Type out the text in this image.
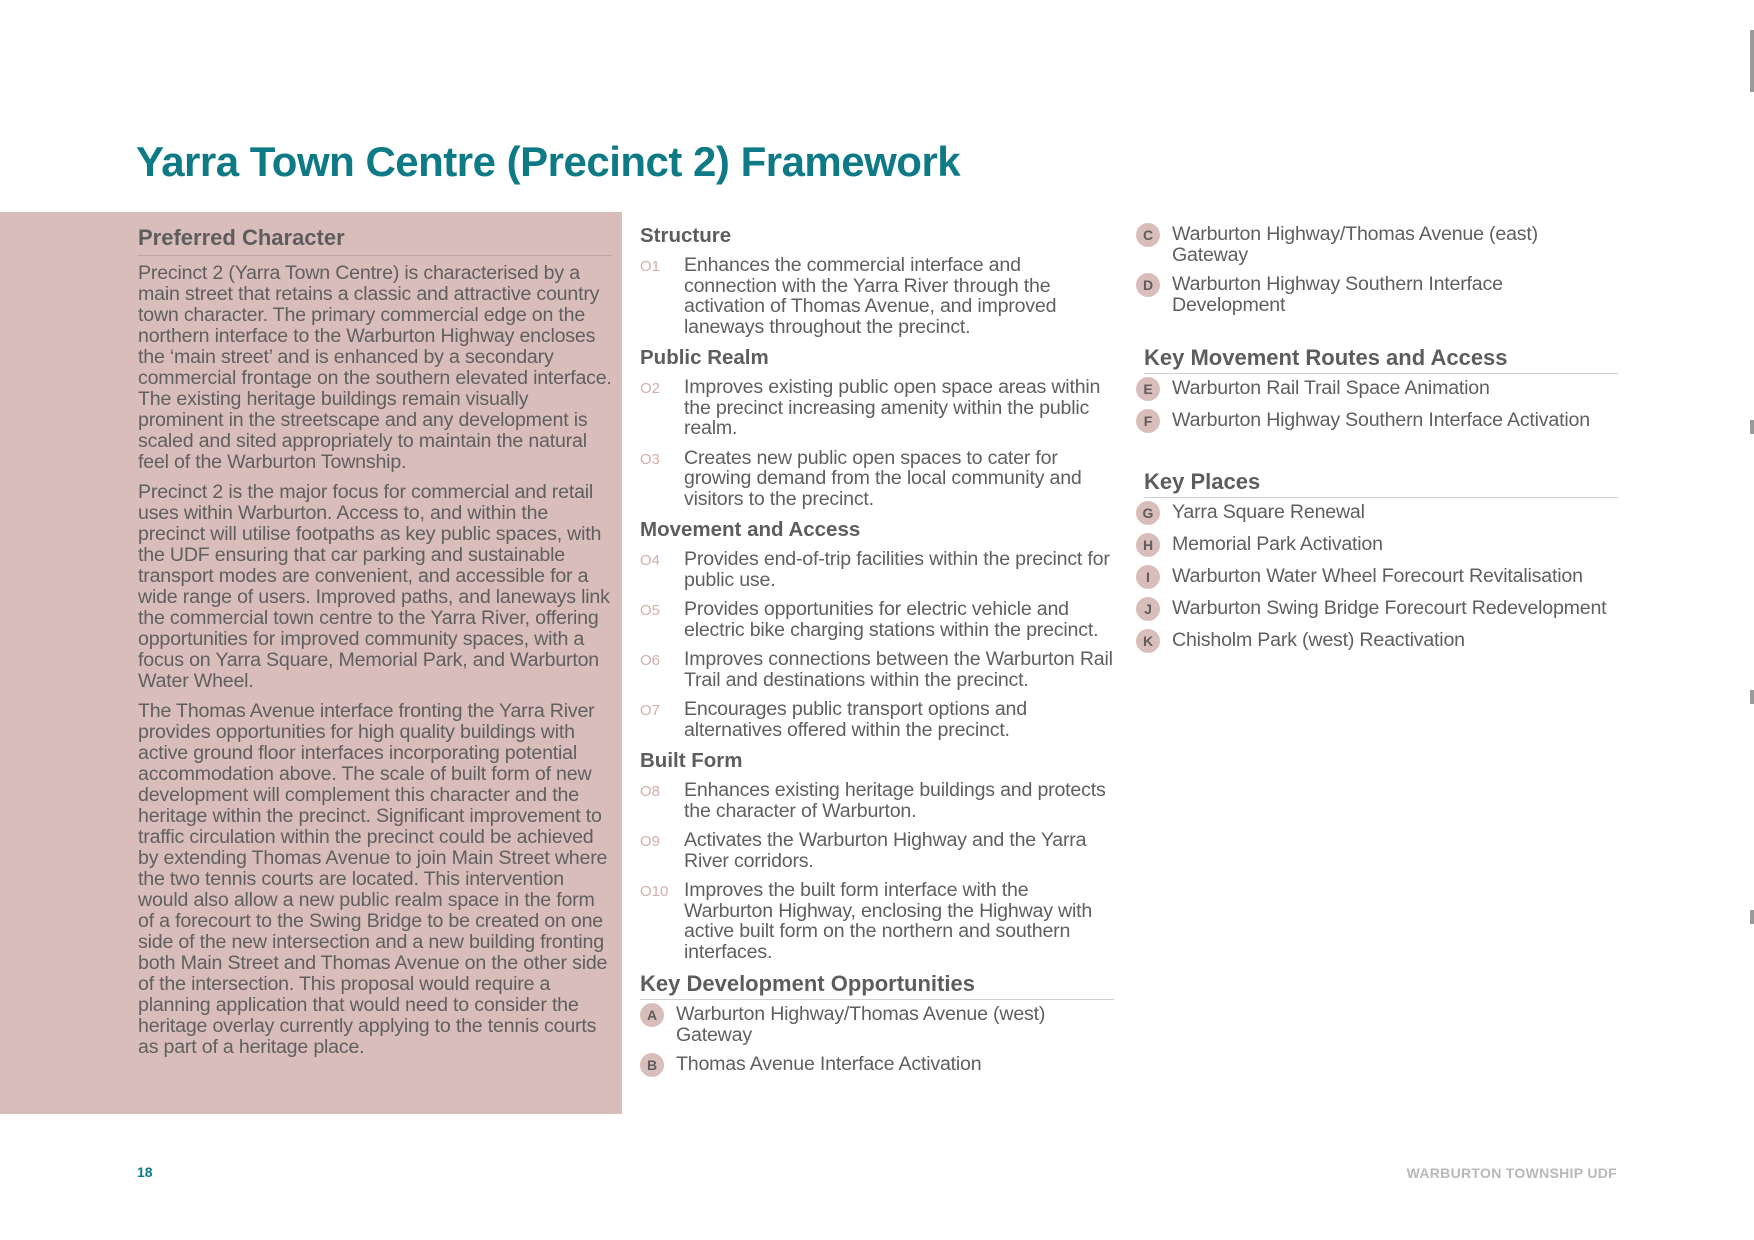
Yarra Town Centre (Precinct 2) Framework
Preferred Character

Precinct 2 (Yarra Town Centre) is characterised by a main street that retains a classic and attractive country town character. The primary commercial edge on the northern interface to the Warburton Highway encloses the ‘main street’ and is enhanced by a secondary commercial frontage on the southern elevated interface. The existing heritage buildings remain visually prominent in the streetscape and any development is scaled and sited appropriately to maintain the natural feel of the Warburton Township.

Precinct 2 is the major focus for commercial and retail uses within Warburton. Access to, and within the precinct will utilise footpaths as key public spaces, with the UDF ensuring that car parking and sustainable transport modes are convenient, and accessible for a wide range of users. Improved paths, and laneways link the commercial town centre to the Yarra River, offering opportunities for improved community spaces, with a focus on Yarra Square, Memorial Park, and Warburton Water Wheel.

The Thomas Avenue interface fronting the Yarra River provides opportunities for high quality buildings with active ground floor interfaces incorporating potential accommodation above. The scale of built form of new development will complement this character and the heritage within the precinct. Significant improvement to traffic circulation within the precinct could be achieved by extending Thomas Avenue to join Main Street where the two tennis courts are located. This intervention would also allow a new public realm space in the form of a forecourt to the Swing Bridge to be created on one side of the new intersection and a new building fronting both Main Street and Thomas Avenue on the other side of the intersection. This proposal would require a planning application that would need to consider the heritage overlay currently applying to the tennis courts as part of a heritage place.

Structure
O1	Enhances the commercial interface and connection with the Yarra River through the activation of Thomas Avenue, and improved laneways throughout the precinct.
Public Realm
O2	Improves existing public open space areas within the precinct increasing amenity within the public realm.
O3	Creates new public open spaces to cater for growing demand from the local community and visitors to the precinct.
Movement and Access
O4	Provides end-of-trip facilities within the precinct for public use.
O5	Provides opportunities for electric vehicle and electric bike charging stations within the precinct.
O6	Improves connections between the Warburton Rail Trail and destinations within the precinct.
O7	Encourages public transport options and alternatives offered within the precinct.
Built Form
O8	Enhances existing heritage buildings and protects the character of Warburton.
O9	Activates the Warburton Highway and the Yarra River corridors.
O10 Improves the built form interface with the Warburton Highway, enclosing the Highway with active built form on the northern and southern interfaces.
Key Development Opportunities
A Warburton Highway/Thomas Avenue (west) Gateway
B Thomas Avenue Interface Activation
C Warburton Highway/Thomas Avenue (east) Gateway
D Warburton Highway Southern Interface Development
Key Movement Routes and Access
E Warburton Rail Trail Space Animation
F	Warburton Highway Southern Interface Activation
Key Places
G Yarra Square Renewal
H Memorial Park Activation
I	Warburton Water Wheel Forecourt Revitalisation
J	Warburton Swing Bridge Forecourt Redevelopment
K Chisholm Park (west) Reactivation
18	WARBURTON TOWNSHIP UDF
